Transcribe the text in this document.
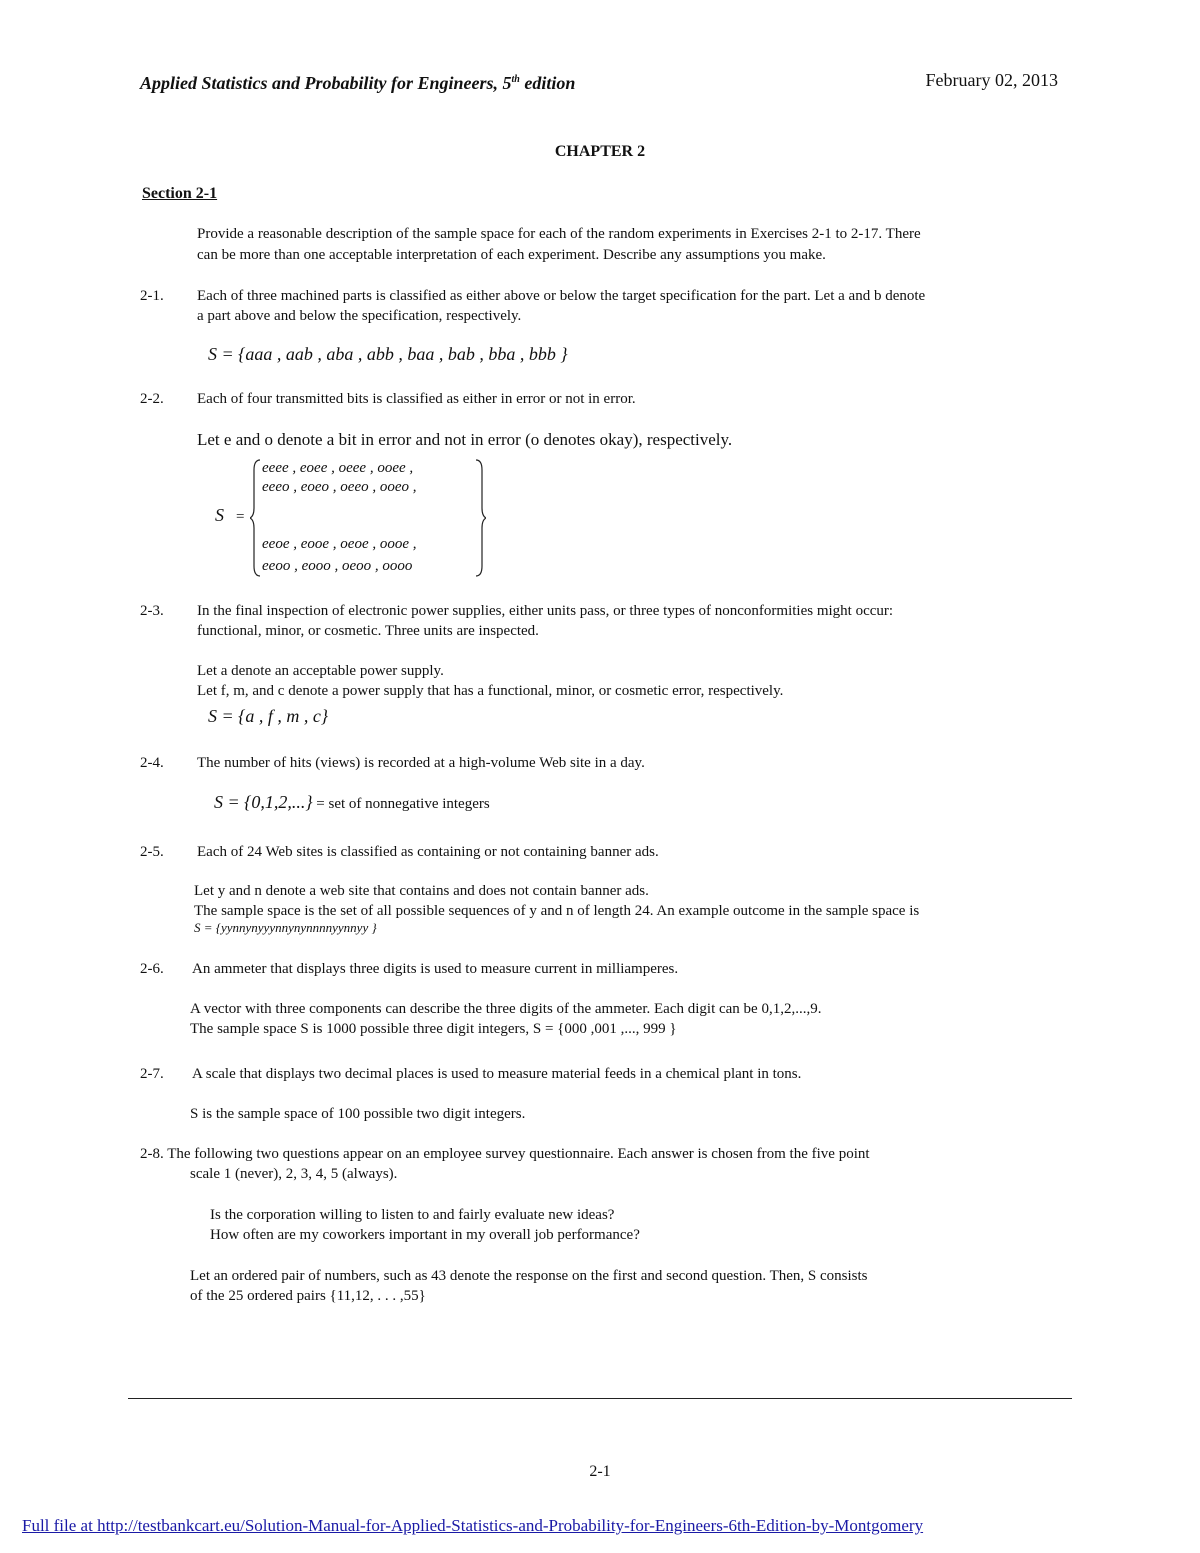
Applied Statistics and Probability for Engineers, 5th edition	February 02, 2013
CHAPTER 2
Section 2-1
Provide a reasonable description of the sample space for each of the random experiments in Exercises 2-1 to 2-17. There
can be more than one acceptable interpretation of each experiment. Describe any assumptions you make.
2-1. Each of three machined parts is classified as either above or below the target specification for the part. Let a and b denote
a part above and below the specification, respectively.
S = {aaa , aab , aba , abb , baa , bab , bba , bbb }
2-2. Each of four transmitted bits is classified as either in error or not in error.
Let e and o denote a bit in error and not in error (o denotes okay), respectively.
S =
eeee , eoee , oeee , ooee ,
eeeo , eoeo , oeeo , ooeo ,
eeoe , eooe , oeoe , oooe ,
eeoo , eooo , oeoo , oooo
2-3. In the final inspection of electronic power supplies, either units pass, or three types of nonconformities might occur:
functional, minor, or cosmetic. Three units are inspected.
Let a denote an acceptable power supply.
Let f, m, and c denote a power supply that has a functional, minor, or cosmetic error, respectively.
S = {a , f , m , c}
2-4. The number of hits (views) is recorded at a high-volume Web site in a day.
S = {0,1,2,...} = set of nonnegative integers
2-5. Each of 24 Web sites is classified as containing or not containing banner ads.
Let y and n denote a web site that contains and does not contain banner ads.
The sample space is the set of all possible sequences of y and n of length 24. An example outcome in the sample space is
S = {yynnynyyynnynynnnnyynnyy }
2-6. An ammeter that displays three digits is used to measure current in milliamperes.
A vector with three components can describe the three digits of the ammeter. Each digit can be 0,1,2,...,9.
The sample space S is 1000 possible three digit integers, S = {000 ,001 ,..., 999 }
2-7. A scale that displays two decimal places is used to measure material feeds in a chemical plant in tons.
S is the sample space of 100 possible two digit integers.
2-8. The following two questions appear on an employee survey questionnaire. Each answer is chosen from the five point
scale 1 (never), 2, 3, 4, 5 (always).
Is the corporation willing to listen to and fairly evaluate new ideas?
How often are my coworkers important in my overall job performance?
Let an ordered pair of numbers, such as 43 denote the response on the first and second question. Then, S consists
of the 25 ordered pairs {11,12, . . . ,55}
2-1
Full file at http://testbankcart.eu/Solution-Manual-for-Applied-Statistics-and-Probability-for-Engineers-6th-Edition-by-Montgomery
